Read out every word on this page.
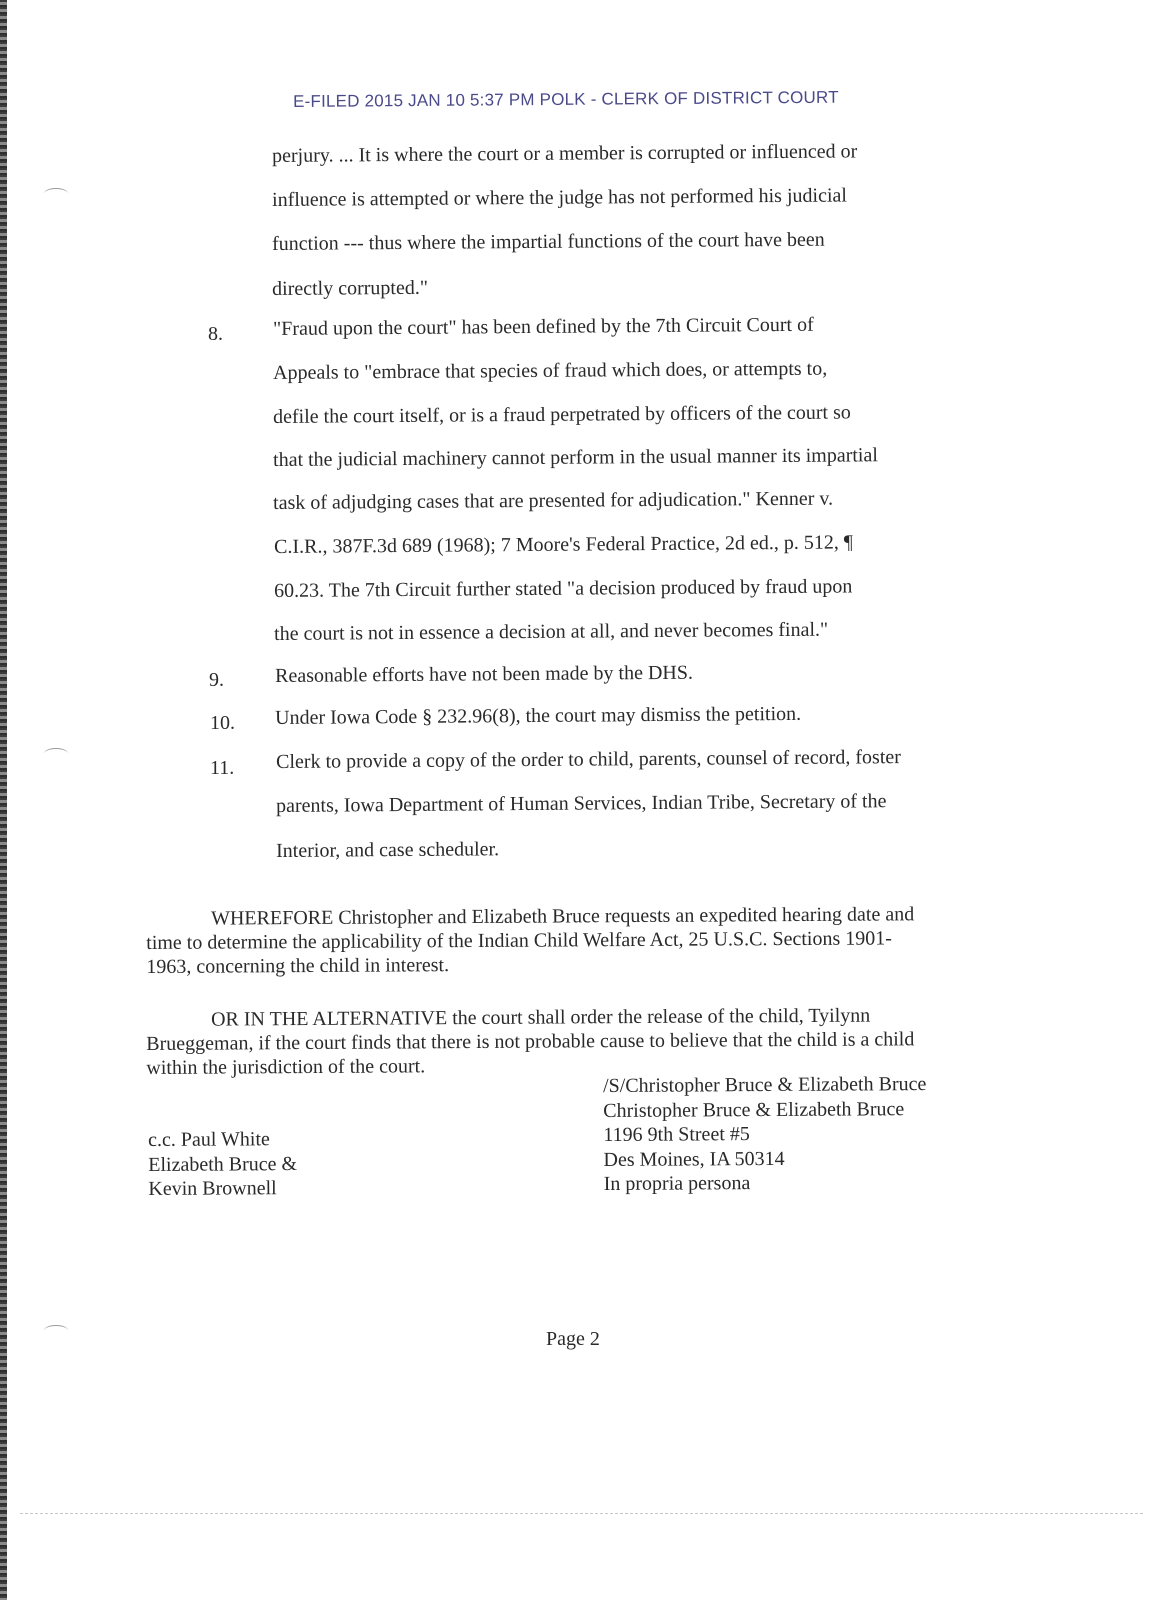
E-FILED 2015 JAN 10 5:37 PM POLK - CLERK OF DISTRICT COURT
perjury. ... It is where the court or a member is corrupted or influenced or
influence is attempted or where the judge has not performed his judicial
function --- thus where the impartial functions of the court have been
directly corrupted."
8.	"Fraud upon the court" has been defined by the 7th Circuit Court of
Appeals to "embrace that species of fraud which does, or attempts to,
defile the court itself, or is a fraud perpetrated by officers of the court so
that the judicial machinery cannot perform in the usual manner its impartial
task of adjudging cases that are presented for adjudication." Kenner v.
C.I.R., 387F.3d 689 (1968); 7 Moore's Federal Practice, 2d ed., p. 512, ¶
60.23. The 7th Circuit further stated "a decision produced by fraud upon
the court is not in essence a decision at all, and never becomes final."
9.	Reasonable efforts have not been made by the DHS.
10. Under Iowa Code § 232.96(8), the court may dismiss the petition.
11. Clerk to provide a copy of the order to child, parents, counsel of record, foster
parents, Iowa Department of Human Services, Indian Tribe, Secretary of the
Interior, and case scheduler.
WHEREFORE Christopher and Elizabeth Bruce requests an expedited hearing date and
time to determine the applicability of the Indian Child Welfare Act, 25 U.S.C. Sections 1901-
1963, concerning the child in interest.
OR IN THE ALTERNATIVE the court shall order the release of the child, Tyilynn
Brueggeman, if the court finds that there is not probable cause to believe that the child is a child
within the jurisdiction of the court.
/S/Christopher Bruce & Elizabeth Bruce
Christopher Bruce & Elizabeth Bruce
1196 9th Street #5
Des Moines, IA 50314
In propria persona
c.c. Paul White
Elizabeth Bruce &
Kevin Brownell
Page 2
